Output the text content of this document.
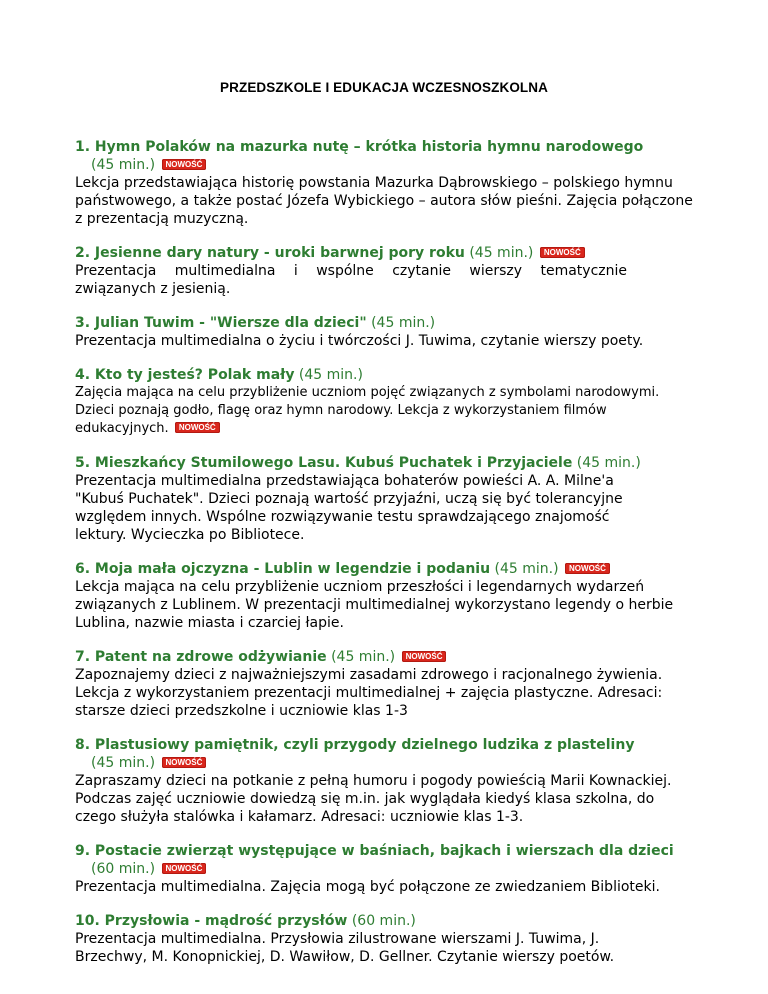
PRZEDSZKOLE I EDUKACJA WCZESNOSZKOLNA
1. Hymn Polaków na mazurka nutę – krótka historia hymnu narodowego
(45 min.) NOWOŚĆ

Lekcja przedstawiająca historię powstania Mazurka Dąbrowskiego – polskiego hymnu państwowego, a także postać Józefa Wybickiego – autora słów pieśni. Zajęcia połączone z prezentacją muzyczną.

2. Jesienne dary natury - uroki barwnej pory roku (45 min.) NOWOŚĆ

Prezentacja multimedialna i wspólne czytanie wierszy tematycznie związanych z jesienią.

3. Julian Tuwim - "Wiersze dla dzieci" (45 min.)

Prezentacja multimedialna o życiu i twórczości J. Tuwima, czytanie wierszy poety.

4. Kto ty jesteś? Polak mały (45 min.)

Zajęcia mająca na celu przybliżenie uczniom pojęć związanych z symbolami narodowymi. Dzieci poznają godło, flagę oraz hymn narodowy. Lekcja z wykorzystaniem filmów edukacyjnych. NOWOŚĆ

5. Mieszkańcy Stumilowego Lasu. Kubuś Puchatek i Przyjaciele (45 min.)

Prezentacja multimedialna przedstawiająca bohaterów powieści A. A. Milne'a "Kubuś Puchatek". Dzieci poznają wartość przyjaźni, uczą się być tolerancyjne względem innych. Wspólne rozwiązywanie testu sprawdzającego znajomość lektury. Wycieczka po Bibliotece.

6. Moja mała ojczyzna - Lublin w legendzie i podaniu (45 min.) NOWOŚĆ

Lekcja mająca na celu przybliżenie uczniom przeszłości i legendarnych wydarzeń związanych z Lublinem. W prezentacji multimedialnej wykorzystano legendy o herbie Lublina, nazwie miasta i czarciej łapie.

7. Patent na zdrowe odżywianie (45 min.) NOWOŚĆ

Zapoznajemy dzieci z najważniejszymi zasadami zdrowego i racjonalnego żywienia. Lekcja z wykorzystaniem prezentacji multimedialnej + zajęcia plastyczne. Adresaci: starsze dzieci przedszkolne i uczniowie klas 1-3

8. Plastusiowy pamiętnik, czyli przygody dzielnego ludzika z plasteliny
(45 min.) NOWOŚĆ

Zapraszamy dzieci na potkanie z pełną humoru i pogody powieścią Marii Kownackiej. Podczas zajęć uczniowie dowiedzą się m.in. jak wyglądała kiedyś klasa szkolna, do czego służyła stalówka i kałamarz. Adresaci: uczniowie klas 1-3.

9. Postacie zwierząt występujące w baśniach, bajkach i wierszach dla dzieci
(60 min.) NOWOŚĆ

Prezentacja multimedialna. Zajęcia mogą być połączone ze zwiedzaniem Biblioteki.

10. Przysłowia - mądrość przysłów (60 min.)

Prezentacja multimedialna. Przysłowia zilustrowane wierszami J. Tuwima, J. Brzechwy, M. Konopnickiej, D. Wawiłow, D. Gellner. Czytanie wierszy poetów.
